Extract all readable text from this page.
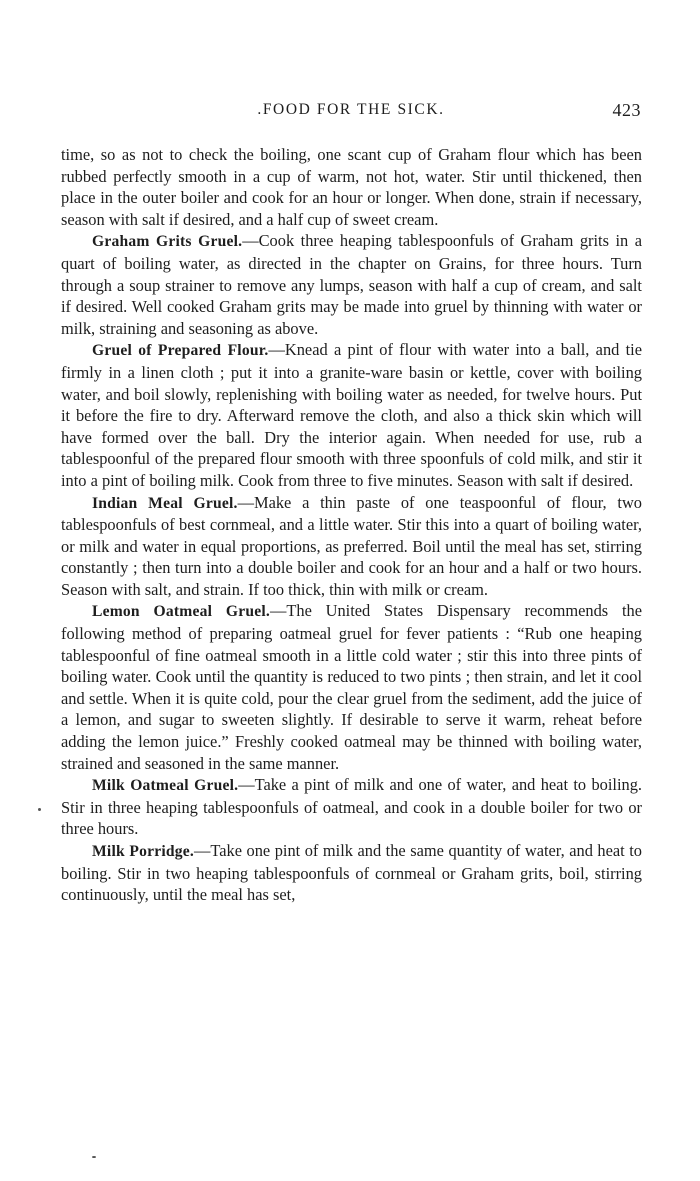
.FOOD FOR THE SICK.	423

time, so as not to check the boiling, one scant cup of Graham flour which has been rubbed perfectly smooth in a cup of warm, not hot, water. Stir until thickened, then place in the outer boiler and cook for an hour or longer. When done, strain if necessary, season with salt if desired, and a half cup of sweet cream.

Graham Grits Gruel.—Cook three heaping tablespoonfuls of Graham grits in a quart of boiling water, as directed in the chapter on Grains, for three hours. Turn through a soup strainer to remove any lumps, season with half a cup of cream, and salt if desired. Well cooked Graham grits may be made into gruel by thinning with water or milk, straining and seasoning as above.

Gruel of Prepared Flour.—Knead a pint of flour with water into a ball, and tie firmly in a linen cloth ; put it into a granite-ware basin or kettle, cover with boiling water, and boil slowly, replenishing with boiling water as needed, for twelve hours. Put it before the fire to dry. Afterward remove the cloth, and also a thick skin which will have formed over the ball. Dry the interior again. When needed for use, rub a tablespoonful of the prepared flour smooth with three spoonfuls of cold milk, and stir it into a pint of boiling milk. Cook from three to five minutes. Season with salt if desired.

Indian Meal Gruel.—Make a thin paste of one teaspoonful of flour, two tablespoonfuls of best cornmeal, and a little water. Stir this into a quart of boiling water, or milk and water in equal proportions, as preferred. Boil until the meal has set, stirring constantly ; then turn into a double boiler and cook for an hour and a half or two hours. Season with salt, and strain. If too thick, thin with milk or cream.

Lemon Oatmeal Gruel.—The United States Dispensary recommends the following method of preparing oatmeal gruel for fever patients : “Rub one heaping tablespoonful of fine oatmeal smooth in a little cold water ; stir this into three pints of boiling water. Cook until the quantity is reduced to two pints ; then strain, and let it cool and settle. When it is quite cold, pour the clear gruel from the sediment, add the juice of a lemon, and sugar to sweeten slightly. If desirable to serve it warm, reheat before adding the lemon juice.” Freshly cooked oatmeal may be thinned with boiling water, strained and seasoned in the same manner.

Milk Oatmeal Gruel.—Take a pint of milk and one of water, and heat to boiling. Stir in three heaping tablespoonfuls of oatmeal, and cook in a double boiler for two or three hours.

Milk Porridge.—Take one pint of milk and the same quantity of water, and heat to boiling. Stir in two heaping tablespoonfuls of cornmeal or Graham grits, boil, stirring continuously, until the meal has set,
